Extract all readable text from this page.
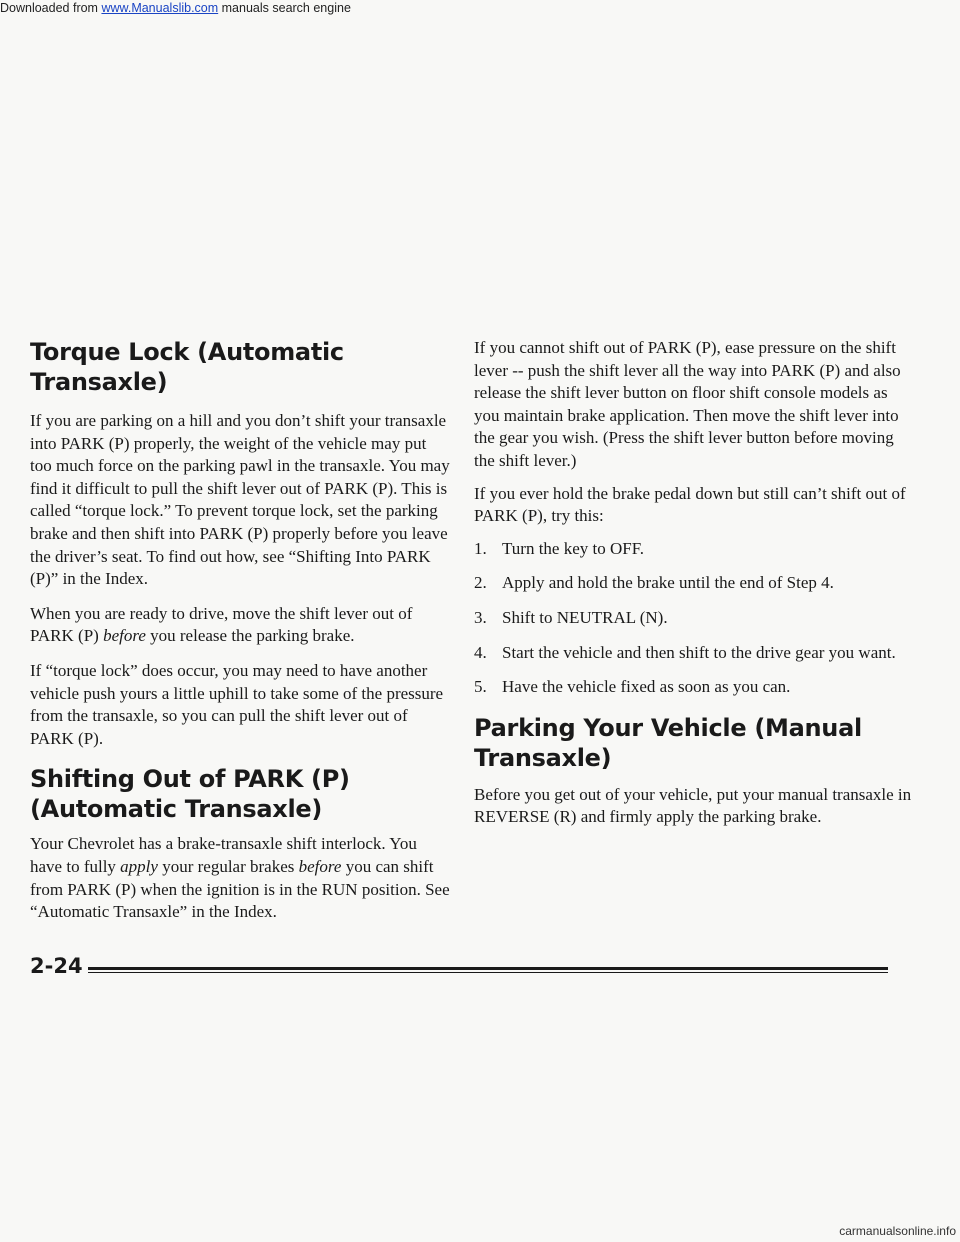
Downloaded from www.Manualslib.com manuals search engine
Torque Lock (Automatic Transaxle)

If you are parking on a hill and you don’t shift your transaxle into PARK (P) properly, the weight of the vehicle may put too much force on the parking pawl in the transaxle. You may find it difficult to pull the shift lever out of PARK (P). This is called “torque lock.” To prevent torque lock, set the parking brake and then shift into PARK (P) properly before you leave the driver’s seat. To find out how, see “Shifting Into PARK (P)” in the Index.

When you are ready to drive, move the shift lever out of PARK (P) before you release the parking brake.

If “torque lock” does occur, you may need to have another vehicle push yours a little uphill to take some of the pressure from the transaxle, so you can pull the shift lever out of PARK (P).

Shifting Out of PARK (P)
(Automatic Transaxle)

Your Chevrolet has a brake-transaxle shift interlock. You have to fully apply your regular brakes before you can shift from PARK (P) when the ignition is in the RUN position. See “Automatic Transaxle” in the Index.

If you cannot shift out of PARK (P), ease pressure on the shift lever -- push the shift lever all the way into PARK (P) and also release the shift lever button on floor shift console models as you maintain brake application. Then move the shift lever into the gear you wish. (Press the shift lever button before moving the shift lever.)

If you ever hold the brake pedal down but still can’t shift out of PARK (P), try this:

1. Turn the key to OFF.
2. Apply and hold the brake until the end of Step 4.
3. Shift to NEUTRAL (N).
4. Start the vehicle and then shift to the drive gear you want.
5. Have the vehicle fixed as soon as you can.
Parking Your Vehicle (Manual Transaxle)

Before you get out of your vehicle, put your manual transaxle in REVERSE (R) and firmly apply the parking brake.

2-24
carmanualsonline.info
